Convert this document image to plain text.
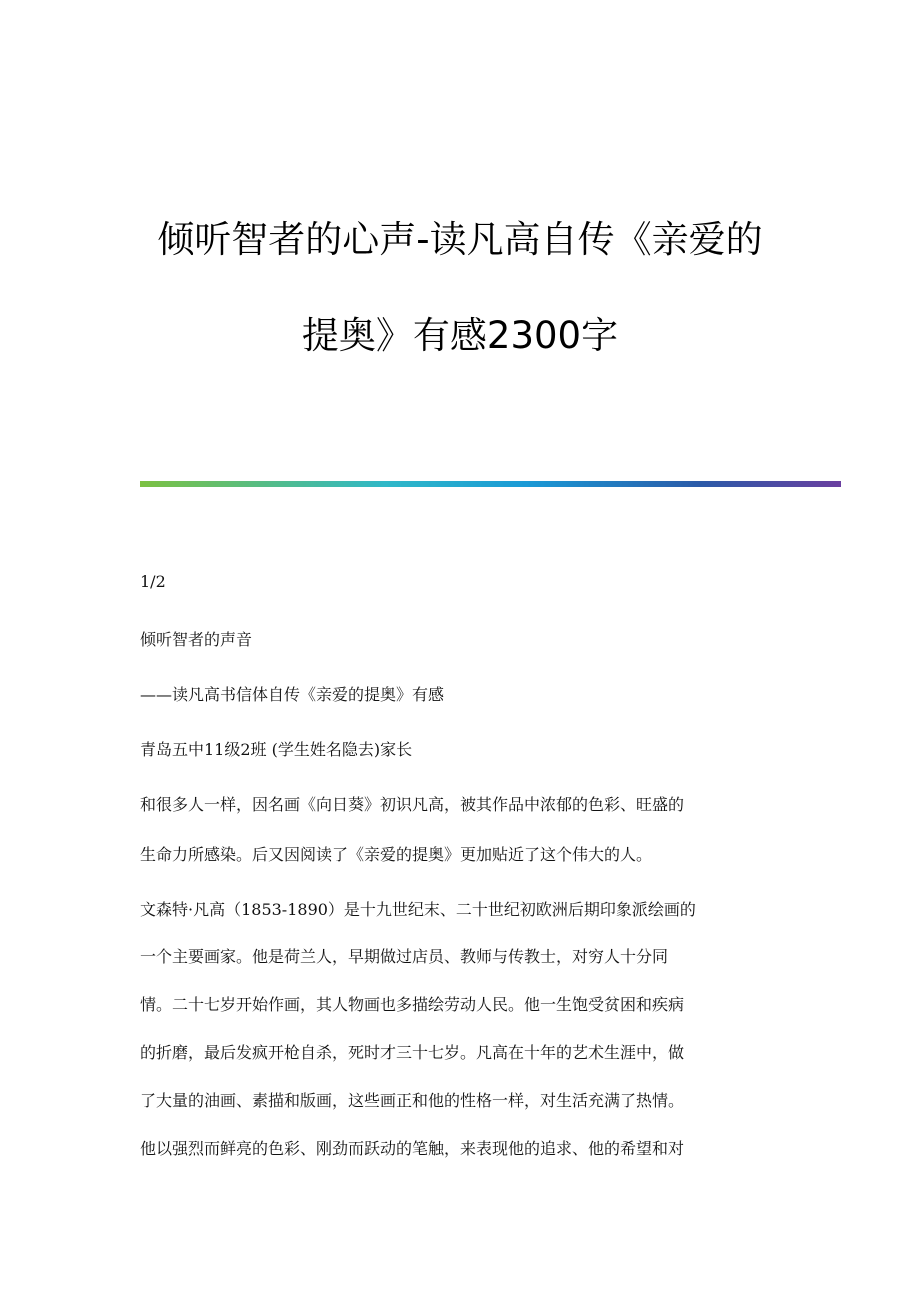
倾听智者的心声-读凡高自传《亲爱的
提奥》有感2300字
1/2
倾听智者的声音
——读凡高书信体自传《亲爱的提奥》有感
青岛五中11级2班 (学生姓名隐去)家长
和很多人一样，因名画《向日葵》初识凡高，被其作品中浓郁的色彩、旺盛的
生命力所感染。后又因阅读了《亲爱的提奥》更加贴近了这个伟大的人。
文森特·凡高（1853-1890）是十九世纪末、二十世纪初欧洲后期印象派绘画的
一个主要画家。他是荷兰人，早期做过店员、教师与传教士，对穷人十分同
情。二十七岁开始作画，其人物画也多描绘劳动人民。他一生饱受贫困和疾病
的折磨，最后发疯开枪自杀，死时才三十七岁。凡高在十年的艺术生涯中，做
了大量的油画、素描和版画，这些画正和他的性格一样，对生活充满了热情。
他以强烈而鲜亮的色彩、刚劲而跃动的笔触，来表现他的追求、他的希望和对
